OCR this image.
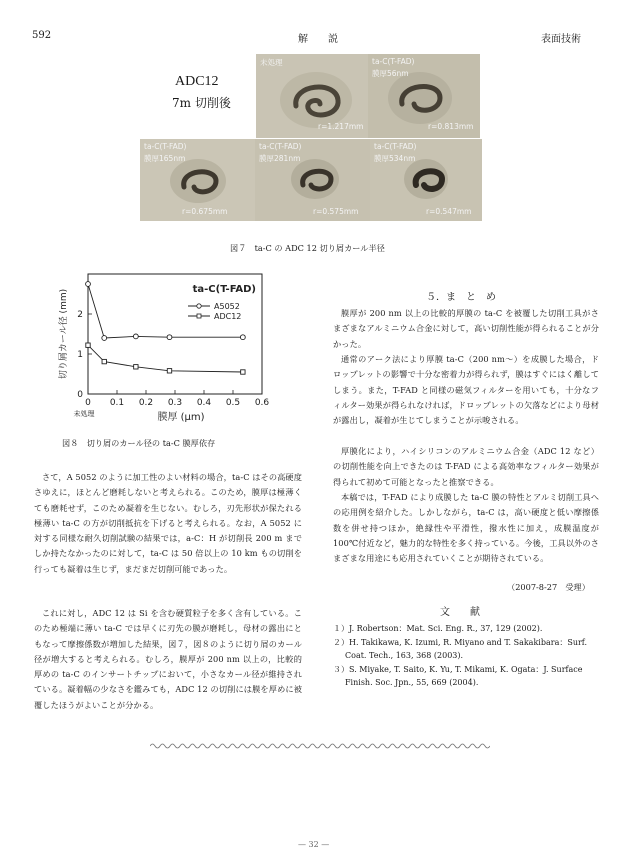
592	解　　説	表面技術
ADC12
7m 切削後
未処理
r=1.217mm
ta-C(T-FAD)
膜厚56nm
r=0.813mm
ta-C(T-FAD)
膜厚165nm
r=0.675mm
ta-C(T-FAD)
膜厚281nm
r=0.575mm
ta-C(T-FAD)
膜厚534nm
r=0.547mm
図７　ta-C の ADC 12 切り屑カール半径
0 0.1 0.2 0.3 0.4 0.5 0.6
0
1
2
未処理	膜厚 (μm)
切り屑カール径 (mm)	ta-C(T-FAD)
A5052
ADC12
図８　切り屑のカール径の ta-C 膜厚依存
さて，A 5052 のように加工性のよい材料の場合，ta-C はその高硬度さゆえに，ほとんど磨耗しないと考えられる。このため，膜厚は極薄くても磨耗せず，このため凝着を生じない。むしろ，刃先形状が保たれる極薄い ta-C の方が切削抵抗を下げると考えられる。なお，A 5052 に対する同様な耐久切削試験の結果では，a-C：H が切削長 200 m までしか持たなかったのに対して，ta-C は 50 倍以上の 10 km もの切削を行っても凝着は生じず，まだまだ切削可能であった。
これに対し，ADC 12 は Si を含む硬質粒子を多く含有している。このため極端に薄い ta-C では早くに刃先の膜が磨耗し，母材の露出にともなって摩擦係数が増加した結果，図７，図８のように切り屑のカール径が増大すると考えられる。むしろ，膜厚が 200 nm 以上の，比較的厚めの ta-C のインサートチップにおいて，小さなカール径が維持されている。凝着幅の少なさを鑑みても，ADC 12 の切削には膜を厚めに被覆したほうがよいことが分かる。
５．ま　と　め
膜厚が 200 nm 以上の比較的厚膜の ta-C を被覆した切削工具がさまざまなアルミニウム合金に対して，高い切削性能が得られることが分かった。
通常のアーク法により厚膜 ta-C（200 nm〜）を成膜した場合，ドロップレットの影響で十分な密着力が得られず，膜はすぐにはく離してしまう。また，T-FAD と同様の磁気フィルターを用いても，十分なフィルター効果が得られなければ，ドロップレットの欠落などにより母材が露出し，凝着が生じてしまうことが示唆される。
厚膜化により，ハイシリコンのアルミニウム合金（ADC 12 など）の切削性能を向上できたのは T-FAD による高効率なフィルター効果が得られて初めて可能となったと推察できる。
本稿では，T-FAD により成膜した ta-C 膜の特性とアルミ切削工具への応用例を紹介した。しかしながら，ta-C は，高い硬度と低い摩擦係数を併せ持つほか，絶縁性や平滑性，撥水性に加え，成膜温度が 100℃付近など，魅力的な特性を多く持っている。今後，工具以外のさまざまな用途にも応用されていくことが期待されている。
（2007-8-27　受理）
文　　献
１）J. Robertson：Mat. Sci. Eng. R., 37, 129 (2002).
２）H. Takikawa, K. Izumi, R. Miyano and T. Sakakibara：Surf. Coat. Tech., 163, 368 (2003).
３）S. Miyake, T. Saito, K. Yu, T. Mikami, K. Ogata：J. Surface Finish. Soc. Jpn., 55, 669 (2004).
— 32 —
